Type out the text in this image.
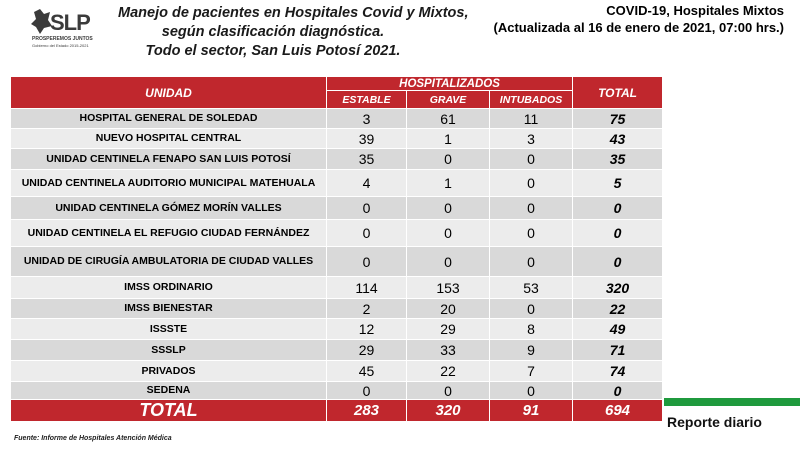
SLP
PROSPEREMOS JUNTOS
Gobierno del Estado 2015-2021
Manejo de pacientes en Hospitales Covid y Mixtos,
según clasificación diagnóstica.
Todo el sector, San Luis Potosí 2021.
COVID-19, Hospitales Mixtos
(Actualizada al 16 de enero de 2021, 07:00 hrs.)
UNIDAD	HOSPITALIZADOS			TOTAL
	ESTABLE	GRAVE	INTUBADOS	
HOSPITAL GENERAL DE SOLEDAD	3	61	11	75
NUEVO HOSPITAL CENTRAL	39	1	3	43
UNIDAD CENTINELA FENAPO SAN LUIS POTOSÍ	35	0	0	35
UNIDAD CENTINELA AUDITORIO MUNICIPAL MATEHUALA	4	1	0	5
UNIDAD CENTINELA GÓMEZ MORÍN VALLES	0	0	0	0
UNIDAD CENTINELA EL REFUGIO CIUDAD FERNÁNDEZ	0	0	0	0
UNIDAD DE CIRUGÍA AMBULATORIA DE CIUDAD VALLES	0	0	0	0
IMSS ORDINARIO	114	153	53	320
IMSS BIENESTAR	2	20	0	22
ISSSTE	12	29	8	49
SSSLP	29	33	9	71
PRIVADOS	45	22	7	74
SEDENA	0	0	0	0
TOTAL	283	320	91	694
Reporte diario
Fuente: Informe de Hospitales Atención Médica
